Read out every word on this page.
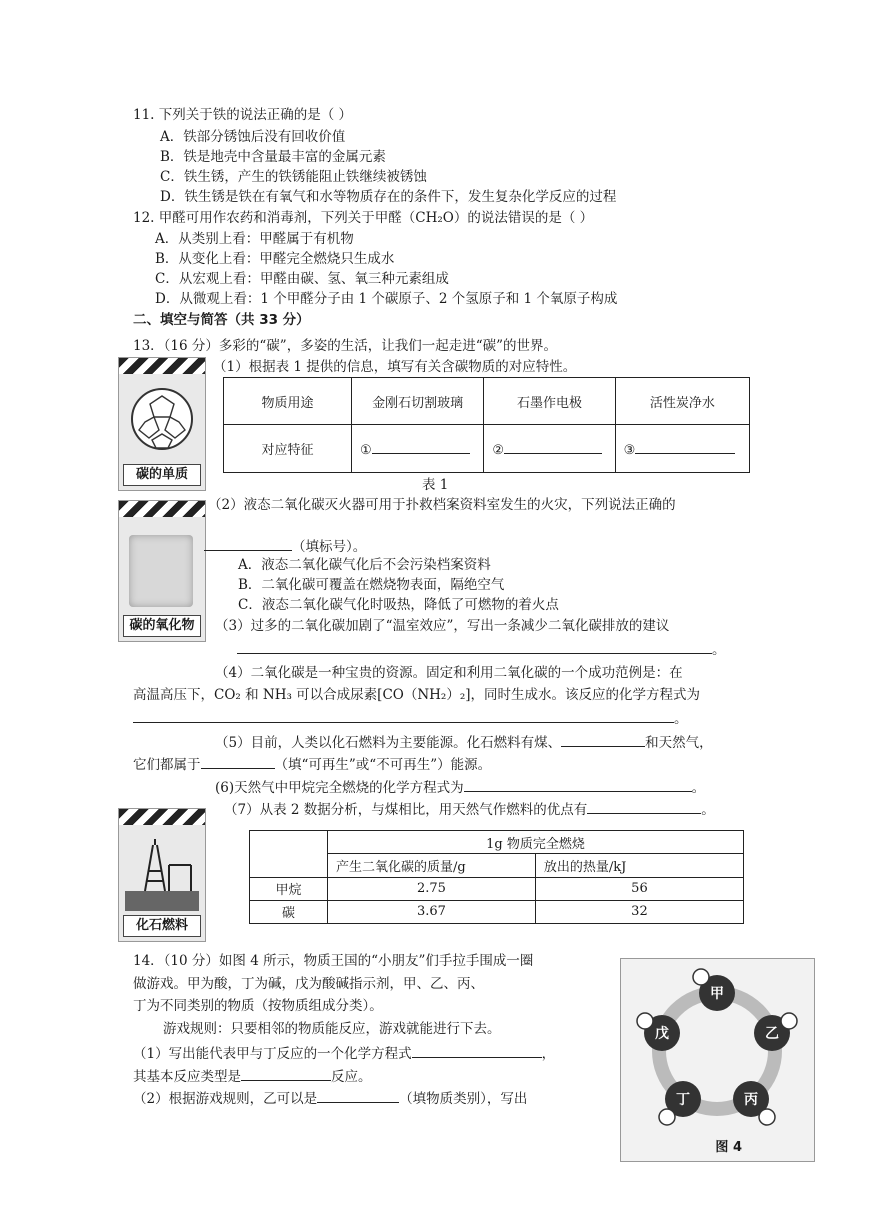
11. 下列关于铁的说法正确的是（ ）
A．铁部分锈蚀后没有回收价值
B．铁是地壳中含量最丰富的金属元素
C．铁生锈，产生的铁锈能阻止铁继续被锈蚀
D．铁生锈是铁在有氧气和水等物质存在的条件下，发生复杂化学反应的过程
12. 甲醛可用作农药和消毒剂，下列关于甲醛（CH₂O）的说法错误的是（ ）
A．从类别上看：甲醛属于有机物
B．从变化上看：甲醛完全燃烧只生成水
C．从宏观上看：甲醛由碳、氢、氧三种元素组成
D．从微观上看：1 个甲醛分子由 1 个碳原子、2 个氢原子和 1 个氧原子构成
二、填空与简答（共 33 分）
13．（16 分）多彩的“碳”，多姿的生活，让我们一起走进“碳”的世界。
（1）根据表 1 提供的信息，填写有关含碳物质的对应特性。
碳的单质
物质用途	金刚石切割玻璃	石墨作电极	活性炭净水
对应特征	①	②	③
表 1
碳的氧化物
（2）液态二氧化碳灭火器可用于扑救档案资料室发生的火灾，下列说法正确的
（填标号）。
A．液态二氧化碳气化后不会污染档案资料
B．二氧化碳可覆盖在燃烧物表面，隔绝空气
C．液态二氧化碳气化时吸热，降低了可燃物的着火点
（3）过多的二氧化碳加剧了“温室效应”，写出一条减少二氧化碳排放的建议
。
（4）二氧化碳是一种宝贵的资源。固定和利用二氧化碳的一个成功范例是：在
高温高压下，CO₂ 和 NH₃ 可以合成尿素[CO（NH₂）₂]，同时生成水。该反应的化学方程式为
。
（5）目前，人类以化石燃料为主要能源。化石燃料有煤、	和天然气，
它们都属于	（填“可再生”或“不可再生”）能源。
(6)天然气中甲烷完全燃烧的化学方程式为	。
（7）从表 2 数据分析，与煤相比，用天然气作燃料的优点有	。
化石燃料
	1g 物质完全燃烧	
	产生二氧化碳的质量/g	放出的热量/kJ
甲烷	2.75	56
碳	3.67	32
14．（10 分）如图 4 所示，物质王国的“小朋友”们手拉手围成一圈
做游戏。甲为酸，丁为碱，戊为酸碱指示剂，甲、乙、丙、
丁为不同类别的物质（按物质组成分类）。
游戏规则：只要相邻的物质能反应，游戏就能进行下去。
（1）写出能代表甲与丁反应的一个化学方程式	，
其基本反应类型是	反应。
（2）根据游戏规则，乙可以是	（填物质类别），写出
甲
乙
丙
丁
戊
图 4
